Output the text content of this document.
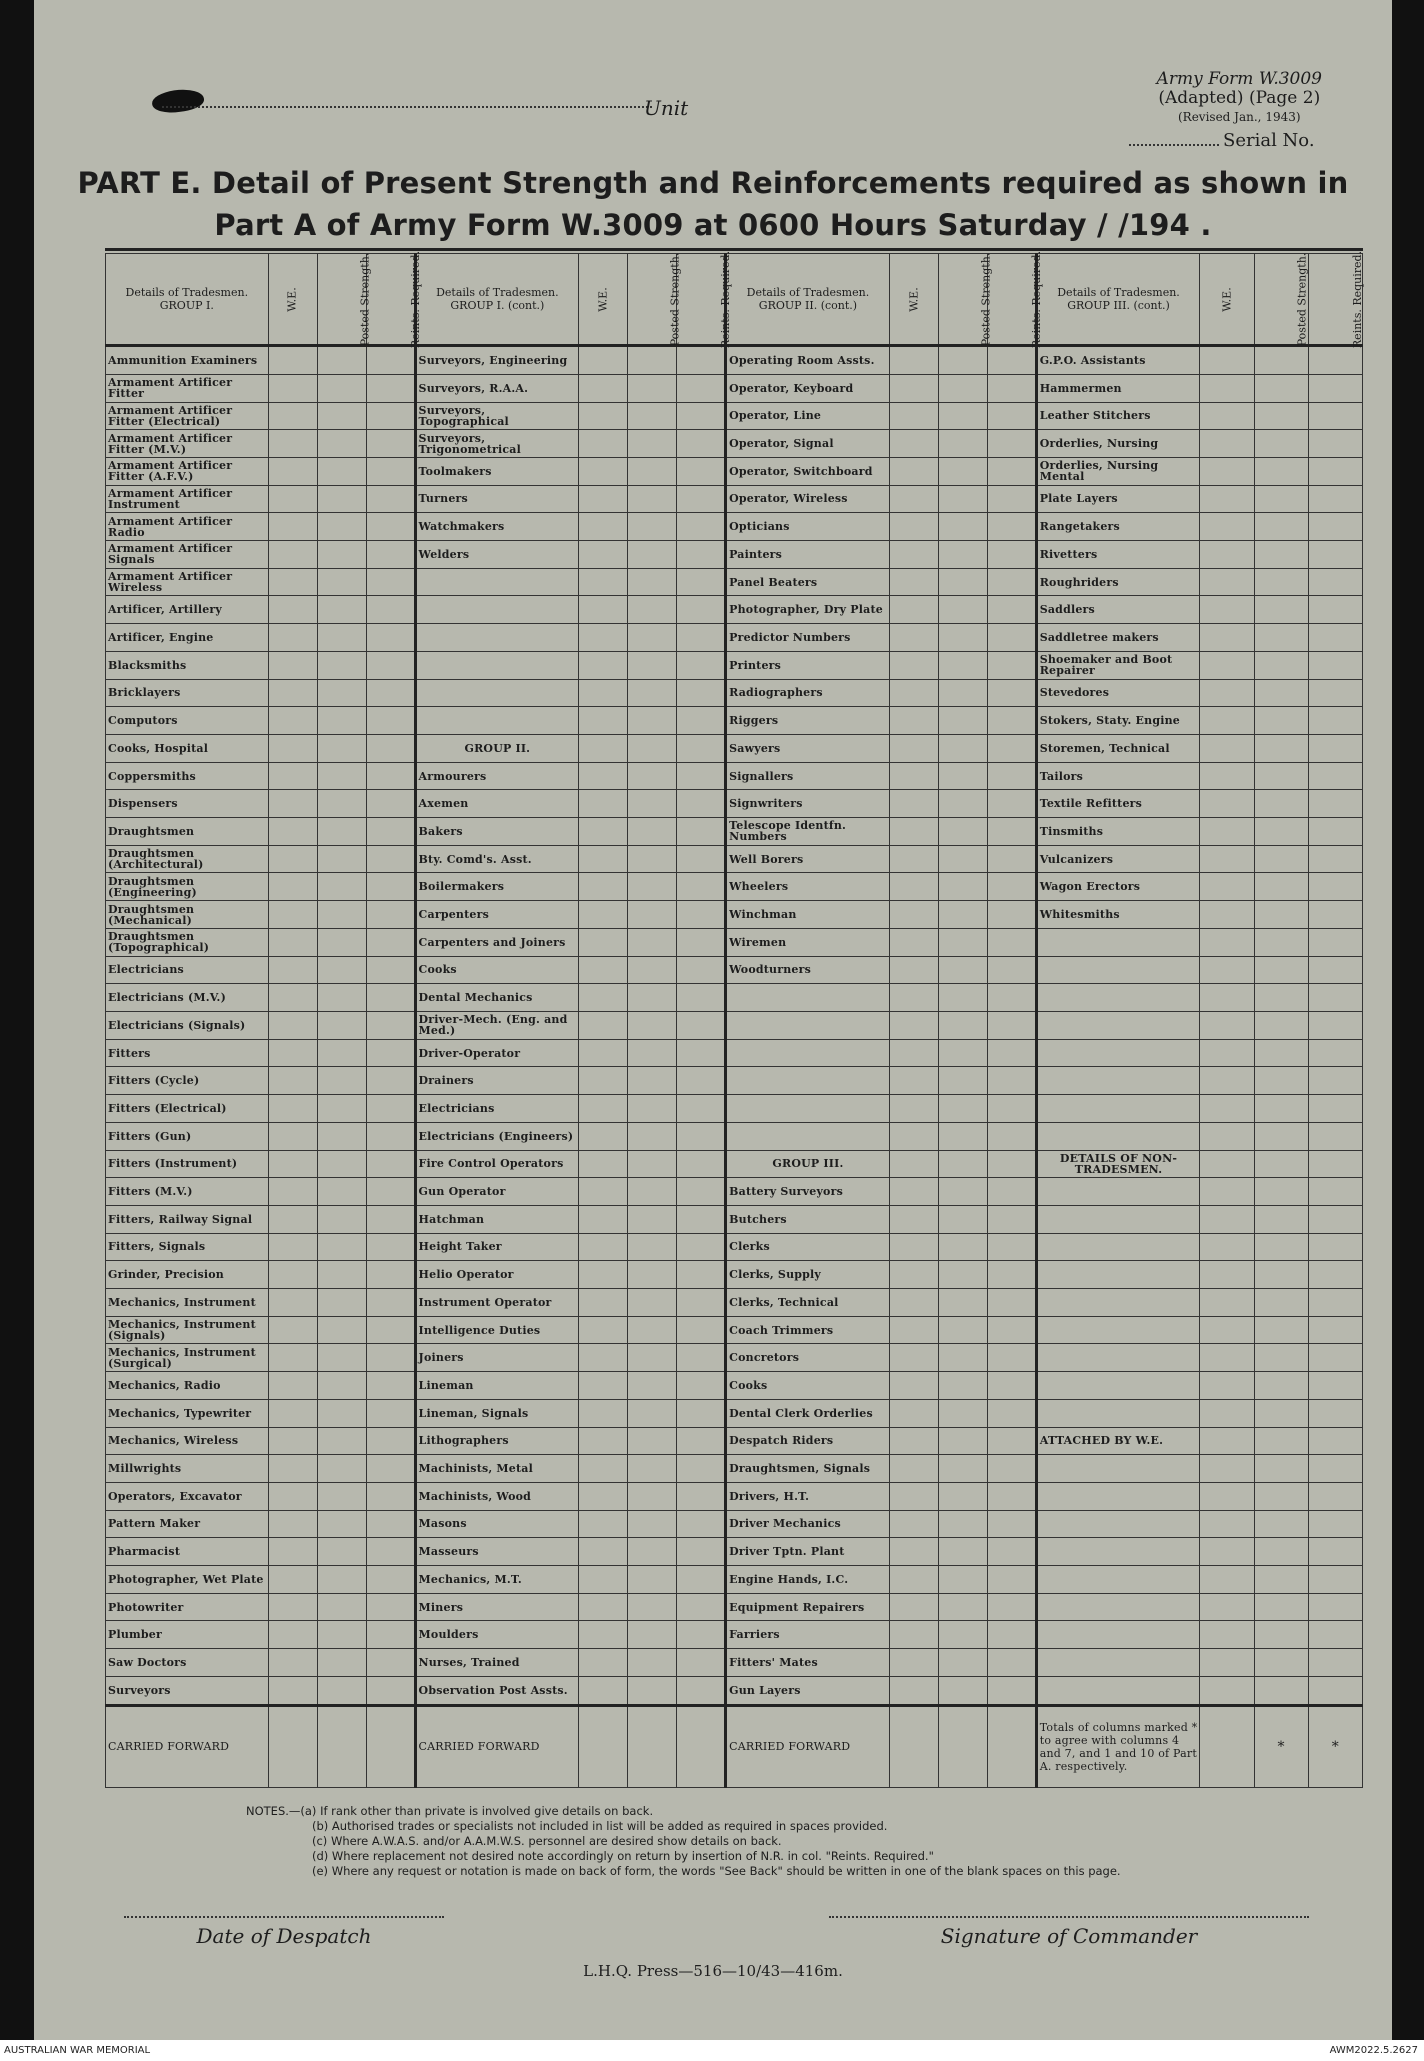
Unit
Army Form W.3009
(Adapted) (Page 2)
(Revised Jan., 1943)
Serial No.
PART E. Detail of Present Strength and Reinforcements required as shown in
Part A of Army Form W.3009 at 0600 Hours Saturday / /194 .
Details of Tradesmen. GROUP I.	W.E.	Posted Strength.	Reints. Required.	Details of Tradesmen. GROUP I. (cont.)	W.E.	Posted Strength.	Reints. Required.	Details of Tradesmen. GROUP II. (cont.)	W.E.	Posted Strength.	Reints. Required.	Details of Tradesmen. GROUP III. (cont.)	W.E.	Posted Strength.	Reints. Required.
Ammunition Examiners				Surveyors, Engineering				Operating Room Assts.				G.P.O. Assistants			
Armament Artificer Fitter				Surveyors, R.A.A.				Operator, Keyboard				Hammermen			
Armament Artificer Fitter (Electrical)				Surveyors, Topographical				Operator, Line				Leather Stitchers			
Armament Artificer Fitter (M.V.)				Surveyors, Trigonometrical				Operator, Signal				Orderlies, Nursing			
Armament Artificer Fitter (A.F.V.)				Toolmakers				Operator, Switchboard				Orderlies, Nursing Mental			
Armament Artificer Instrument				Turners				Operator, Wireless				Plate Layers			
Armament Artificer Radio				Watchmakers				Opticians				Rangetakers			
Armament Artificer Signals				Welders				Painters				Rivetters			
Armament Artificer Wireless								Panel Beaters				Roughriders			
Artificer, Artillery								Photographer, Dry Plate				Saddlers			
Artificer, Engine								Predictor Numbers				Saddletree makers			
Blacksmiths								Printers				Shoemaker and Boot Repairer			
Bricklayers								Radiographers				Stevedores			
Computors								Riggers				Stokers, Staty. Engine			
Cooks, Hospital				GROUP II.				Sawyers				Storemen, Technical			
Coppersmiths				Armourers				Signallers				Tailors			
Dispensers				Axemen				Signwriters				Textile Refitters			
Draughtsmen				Bakers				Telescope Identfn. Numbers				Tinsmiths			
Draughtsmen (Architectural)				Bty. Comd's. Asst.				Well Borers				Vulcanizers			
Draughtsmen (Engineering)				Boilermakers				Wheelers				Wagon Erectors			
Draughtsmen (Mechanical)				Carpenters				Winchman				Whitesmiths			
Draughtsmen (Topographical)				Carpenters and Joiners				Wiremen							
Electricians				Cooks				Woodturners							
Electricians (M.V.)				Dental Mechanics											
Electricians (Signals)				Driver-Mech. (Eng. and Med.)											
Fitters				Driver-Operator											
Fitters (Cycle)				Drainers											
Fitters (Electrical)				Electricians											
Fitters (Gun)				Electricians (Engineers)											
Fitters (Instrument)				Fire Control Operators				GROUP III.				DETAILS OF NON-TRADESMEN.			
Fitters (M.V.)				Gun Operator				Battery Surveyors							
Fitters, Railway Signal				Hatchman				Butchers							
Fitters, Signals				Height Taker				Clerks							
Grinder, Precision				Helio Operator				Clerks, Supply							
Mechanics, Instrument				Instrument Operator				Clerks, Technical							
Mechanics, Instrument (Signals)				Intelligence Duties				Coach Trimmers							
Mechanics, Instrument (Surgical)				Joiners				Concretors							
Mechanics, Radio				Lineman				Cooks							
Mechanics, Typewriter				Lineman, Signals				Dental Clerk Orderlies							
Mechanics, Wireless				Lithographers				Despatch Riders				ATTACHED BY W.E.			
Millwrights				Machinists, Metal				Draughtsmen, Signals							
Operators, Excavator				Machinists, Wood				Drivers, H.T.							
Pattern Maker				Masons				Driver Mechanics							
Pharmacist				Masseurs				Driver Tptn. Plant							
Photographer, Wet Plate				Mechanics, M.T.				Engine Hands, I.C.							
Photowriter				Miners				Equipment Repairers							
Plumber				Moulders				Farriers							
Saw Doctors				Nurses, Trained				Fitters' Mates							
Surveyors				Observation Post Assts.				Gun Layers							
CARRIED FORWARD				CARRIED FORWARD				CARRIED FORWARD				Totals of columns marked * to agree with columns 4 and 7, and 1 and 10 of Part A. respectively.		*	*
NOTES.—(a) If rank other than private is involved give details on back.
(b) Authorised trades or specialists not included in list will be added as required in spaces provided.
(c) Where A.W.A.S. and/or A.A.M.W.S. personnel are desired show details on back.
(d) Where replacement not desired note accordingly on return by insertion of N.R. in col. "Reints. Required."
(e) Where any request or notation is made on back of form, the words "See Back" should be written in one of the blank spaces on this page.
Date of Despatch	Signature of Commander
L.H.Q. Press—516—10/43—416m.
AUSTRALIAN WAR MEMORIAL	AWM2022.5.2627
